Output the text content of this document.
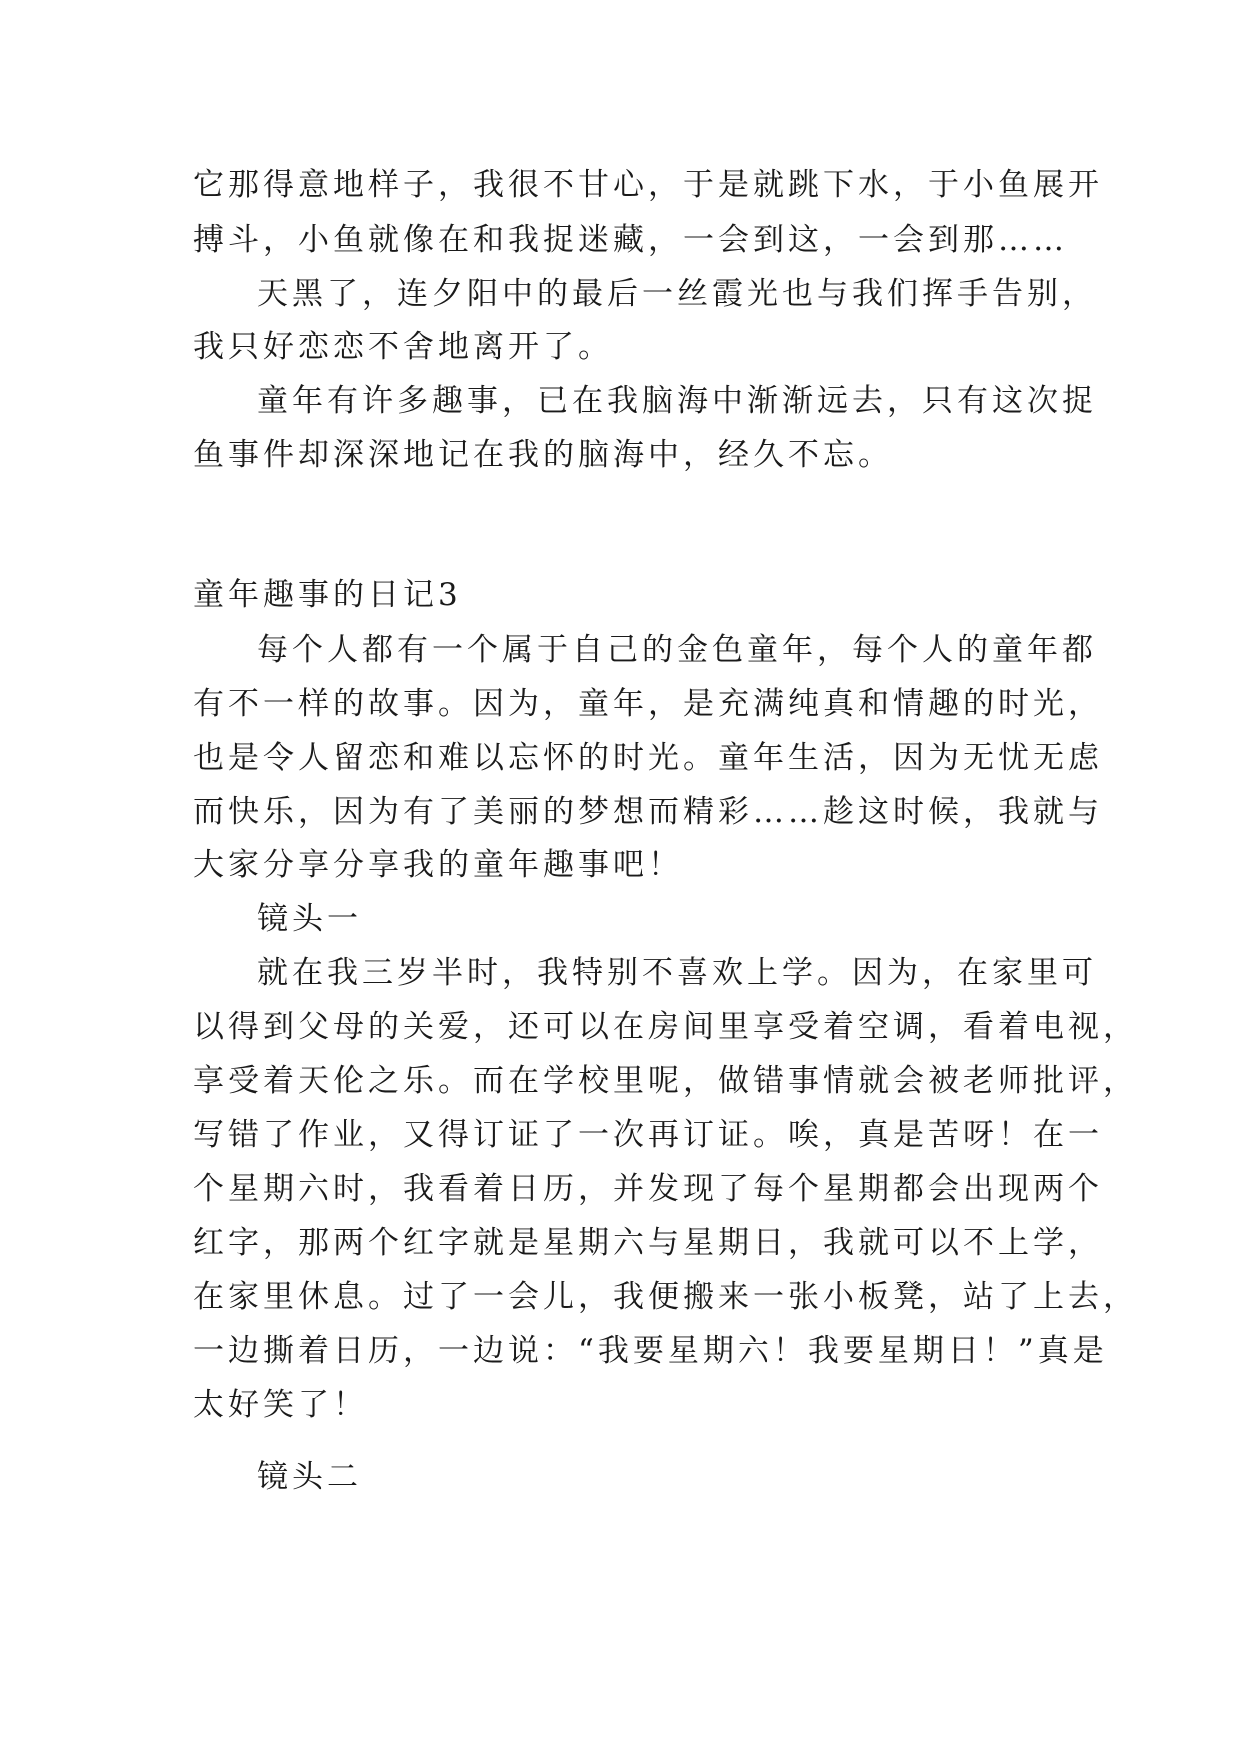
它那得意地样子，我很不甘心，于是就跳下水，于小鱼展开
搏斗，小鱼就像在和我捉迷藏，一会到这，一会到那……
天黑了，连夕阳中的最后一丝霞光也与我们挥手告别，
我只好恋恋不舍地离开了。
童年有许多趣事，已在我脑海中渐渐远去，只有这次捉
鱼事件却深深地记在我的脑海中，经久不忘。
童年趣事的日记3
每个人都有一个属于自己的金色童年，每个人的童年都
有不一样的故事。因为，童年，是充满纯真和情趣的时光，
也是令人留恋和难以忘怀的时光。童年生活，因为无忧无虑
而快乐，因为有了美丽的梦想而精彩……趁这时候，我就与
大家分享分享我的童年趣事吧！
镜头一
就在我三岁半时，我特别不喜欢上学。因为，在家里可
以得到父母的关爱，还可以在房间里享受着空调，看着电视，
享受着天伦之乐。而在学校里呢，做错事情就会被老师批评，
写错了作业，又得订证了一次再订证。唉，真是苦呀！在一
个星期六时，我看着日历，并发现了每个星期都会出现两个
红字，那两个红字就是星期六与星期日，我就可以不上学，
在家里休息。过了一会儿，我便搬来一张小板凳，站了上去，
一边撕着日历，一边说：“我要星期六！我要星期日！”真是
太好笑了！
镜头二
